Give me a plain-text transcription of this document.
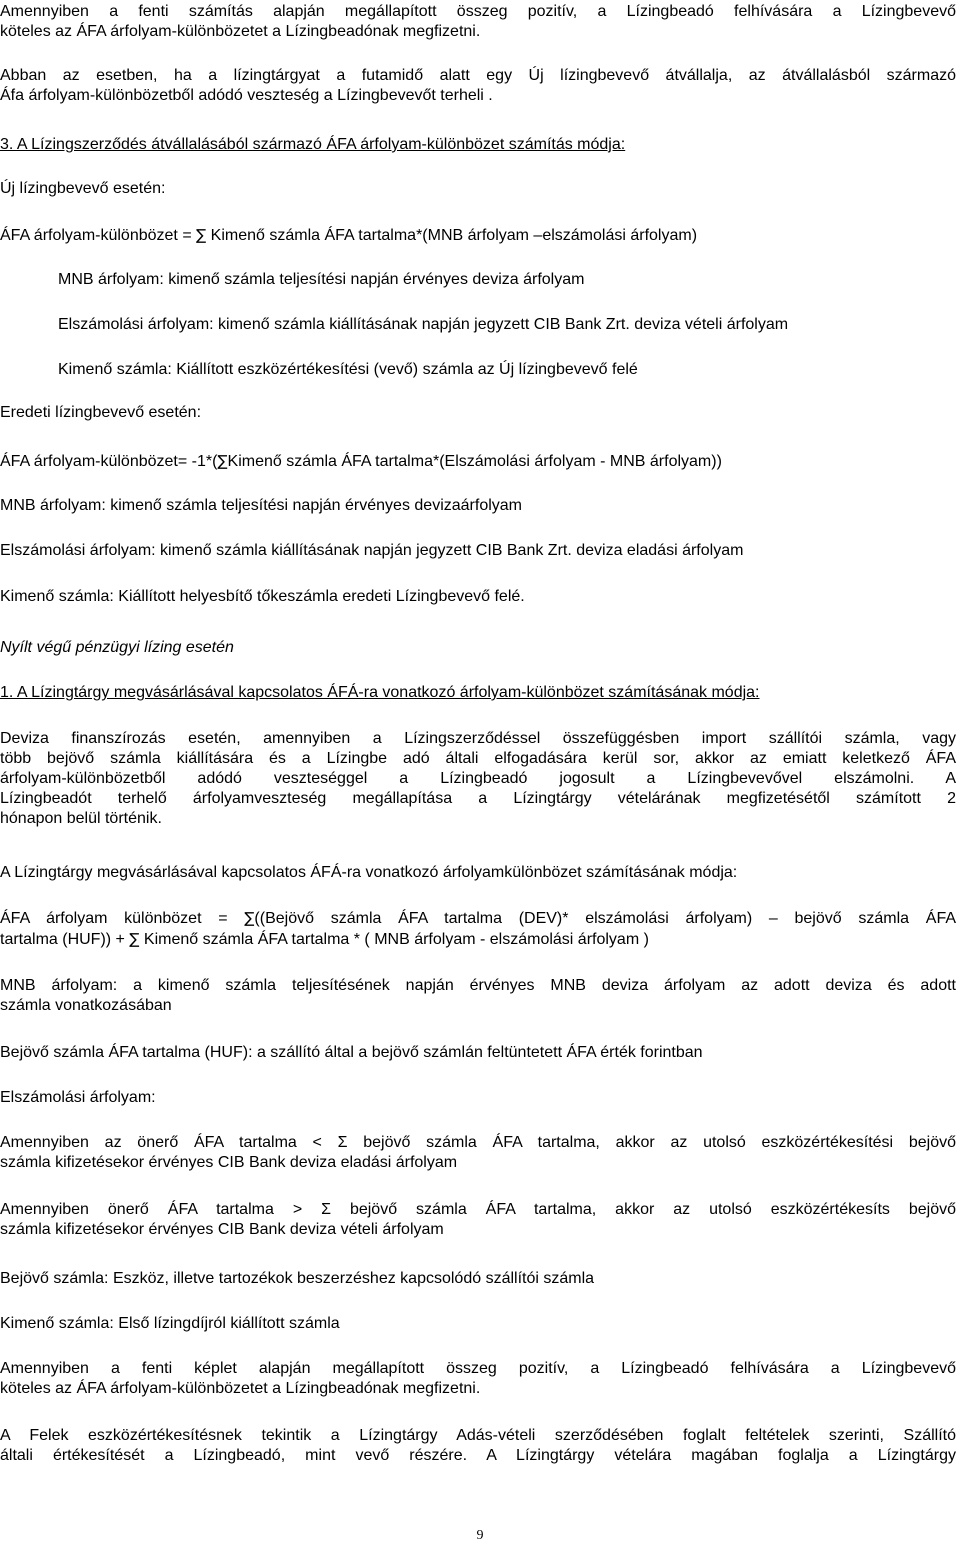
Amennyiben a fenti számítás alapján megállapított összeg pozitív, a Lízingbeadó felhívására a Lízingbevevő
köteles az ÁFA árfolyam-különbözetet a Lízingbeadónak megfizetni.
Abban az esetben, ha a lízingtárgyat a futamidő alatt egy Új lízingbevevő átvállalja, az átvállalásból származó
Áfa árfolyam-különbözetből adódó veszteség a Lízingbevevőt terheli .
3. A Lízingszerződés átvállalásából származó ÁFA árfolyam-különbözet számítás módja:
Új lízingbevevő esetén:
ÁFA árfolyam-különbözet = ∑ Kimenő számla ÁFA tartalma*(MNB árfolyam –elszámolási árfolyam)
MNB árfolyam: kimenő számla teljesítési napján érvényes deviza árfolyam
Elszámolási árfolyam: kimenő számla kiállításának napján jegyzett CIB Bank Zrt. deviza vételi árfolyam
Kimenő számla: Kiállított eszközértékesítési (vevő) számla az Új lízingbevevő felé
Eredeti lízingbevevő esetén:
ÁFA árfolyam-különbözet= -1*(∑Kimenő számla ÁFA tartalma*(Elszámolási árfolyam - MNB árfolyam))
MNB árfolyam: kimenő számla teljesítési napján érvényes devizaárfolyam
Elszámolási árfolyam: kimenő számla kiállításának napján jegyzett CIB Bank Zrt. deviza eladási árfolyam
Kimenő számla: Kiállított helyesbítő tőkeszámla eredeti Lízingbevevő felé.
Nyílt végű pénzügyi lízing esetén
1. A Lízingtárgy megvásárlásával kapcsolatos ÁFÁ-ra vonatkozó árfolyam-különbözet számításának módja:
Deviza finanszírozás esetén, amennyiben a Lízingszerződéssel összefüggésben import szállítói számla, vagy
több bejövő számla kiállítására és a Lízingbe adó általi elfogadására kerül sor, akkor az emiatt keletkező ÁFA
árfolyam-különbözetből adódó veszteséggel a Lízingbeadó jogosult a Lízingbevevővel elszámolni. A
Lízingbeadót terhelő árfolyamveszteség megállapítása a Lízingtárgy vételárának megfizetésétől számított 2
hónapon belül történik.
A Lízingtárgy megvásárlásával kapcsolatos ÁFÁ-ra vonatkozó árfolyamkülönbözet számításának módja:
ÁFA árfolyam különbözet = ∑((Bejövő számla ÁFA tartalma (DEV)* elszámolási árfolyam) – bejövő számla ÁFA
tartalma (HUF)) + ∑ Kimenő számla ÁFA tartalma * ( MNB árfolyam - elszámolási árfolyam )
MNB árfolyam: a kimenő számla teljesítésének napján érvényes MNB deviza árfolyam az adott deviza és adott
számla vonatkozásában
Bejövő számla ÁFA tartalma (HUF): a szállító által a bejövő számlán feltüntetett ÁFA érték forintban
Elszámolási árfolyam:
Amennyiben az önerő ÁFA tartalma < Σ bejövő számla ÁFA tartalma, akkor az utolsó eszközértékesítési bejövő
számla kifizetésekor érvényes CIB Bank deviza eladási árfolyam
Amennyiben önerő ÁFA tartalma > Σ bejövő számla ÁFA tartalma, akkor az utolsó eszközértékesíts bejövő
számla kifizetésekor érvényes CIB Bank deviza vételi árfolyam
Bejövő számla: Eszköz, illetve tartozékok beszerzéshez kapcsolódó szállítói számla
Kimenő számla: Első lízingdíjról kiállított számla
Amennyiben a fenti képlet alapján megállapított összeg pozitív, a Lízingbeadó felhívására a Lízingbevevő
köteles az ÁFA árfolyam-különbözetet a Lízingbeadónak megfizetni.
A Felek eszközértékesítésnek tekintik a Lízingtárgy Adás-vételi szerződésében foglalt feltételek szerinti, Szállító
általi értékesítését a Lízingbeadó, mint vevő részére. A Lízingtárgy vételára magában foglalja a Lízingtárgy
9
